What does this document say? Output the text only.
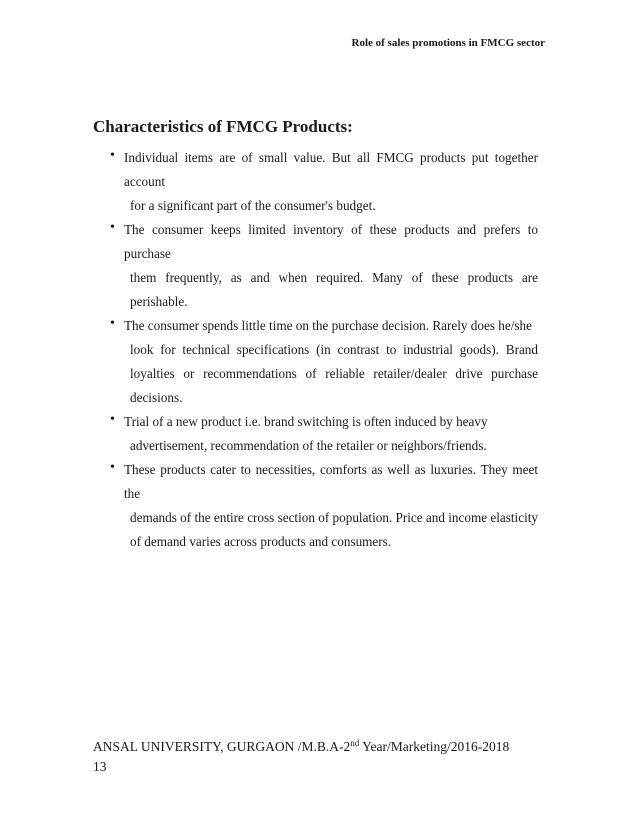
Role of sales promotions in FMCG sector
Characteristics of FMCG Products:
• Individual items are of small value. But all FMCG products put together account
for a significant part of the consumer's budget.
• The consumer keeps limited inventory of these products and prefers to purchase
them frequently, as and when required. Many of these products are perishable.
• The consumer spends little time on the purchase decision. Rarely does he/she
look for technical specifications (in contrast to industrial goods). Brand loyalties or recommendations of reliable retailer/dealer drive purchase decisions.
• Trial of a new product i.e. brand switching is often induced by heavy
advertisement, recommendation of the retailer or neighbors/friends.
• These products cater to necessities, comforts as well as luxuries. They meet the
demands of the entire cross section of population. Price and income elasticity of demand varies across products and consumers.
ANSAL UNIVERSITY, GURGAON /M.B.A-2nd Year/Marketing/2016-2018
13
